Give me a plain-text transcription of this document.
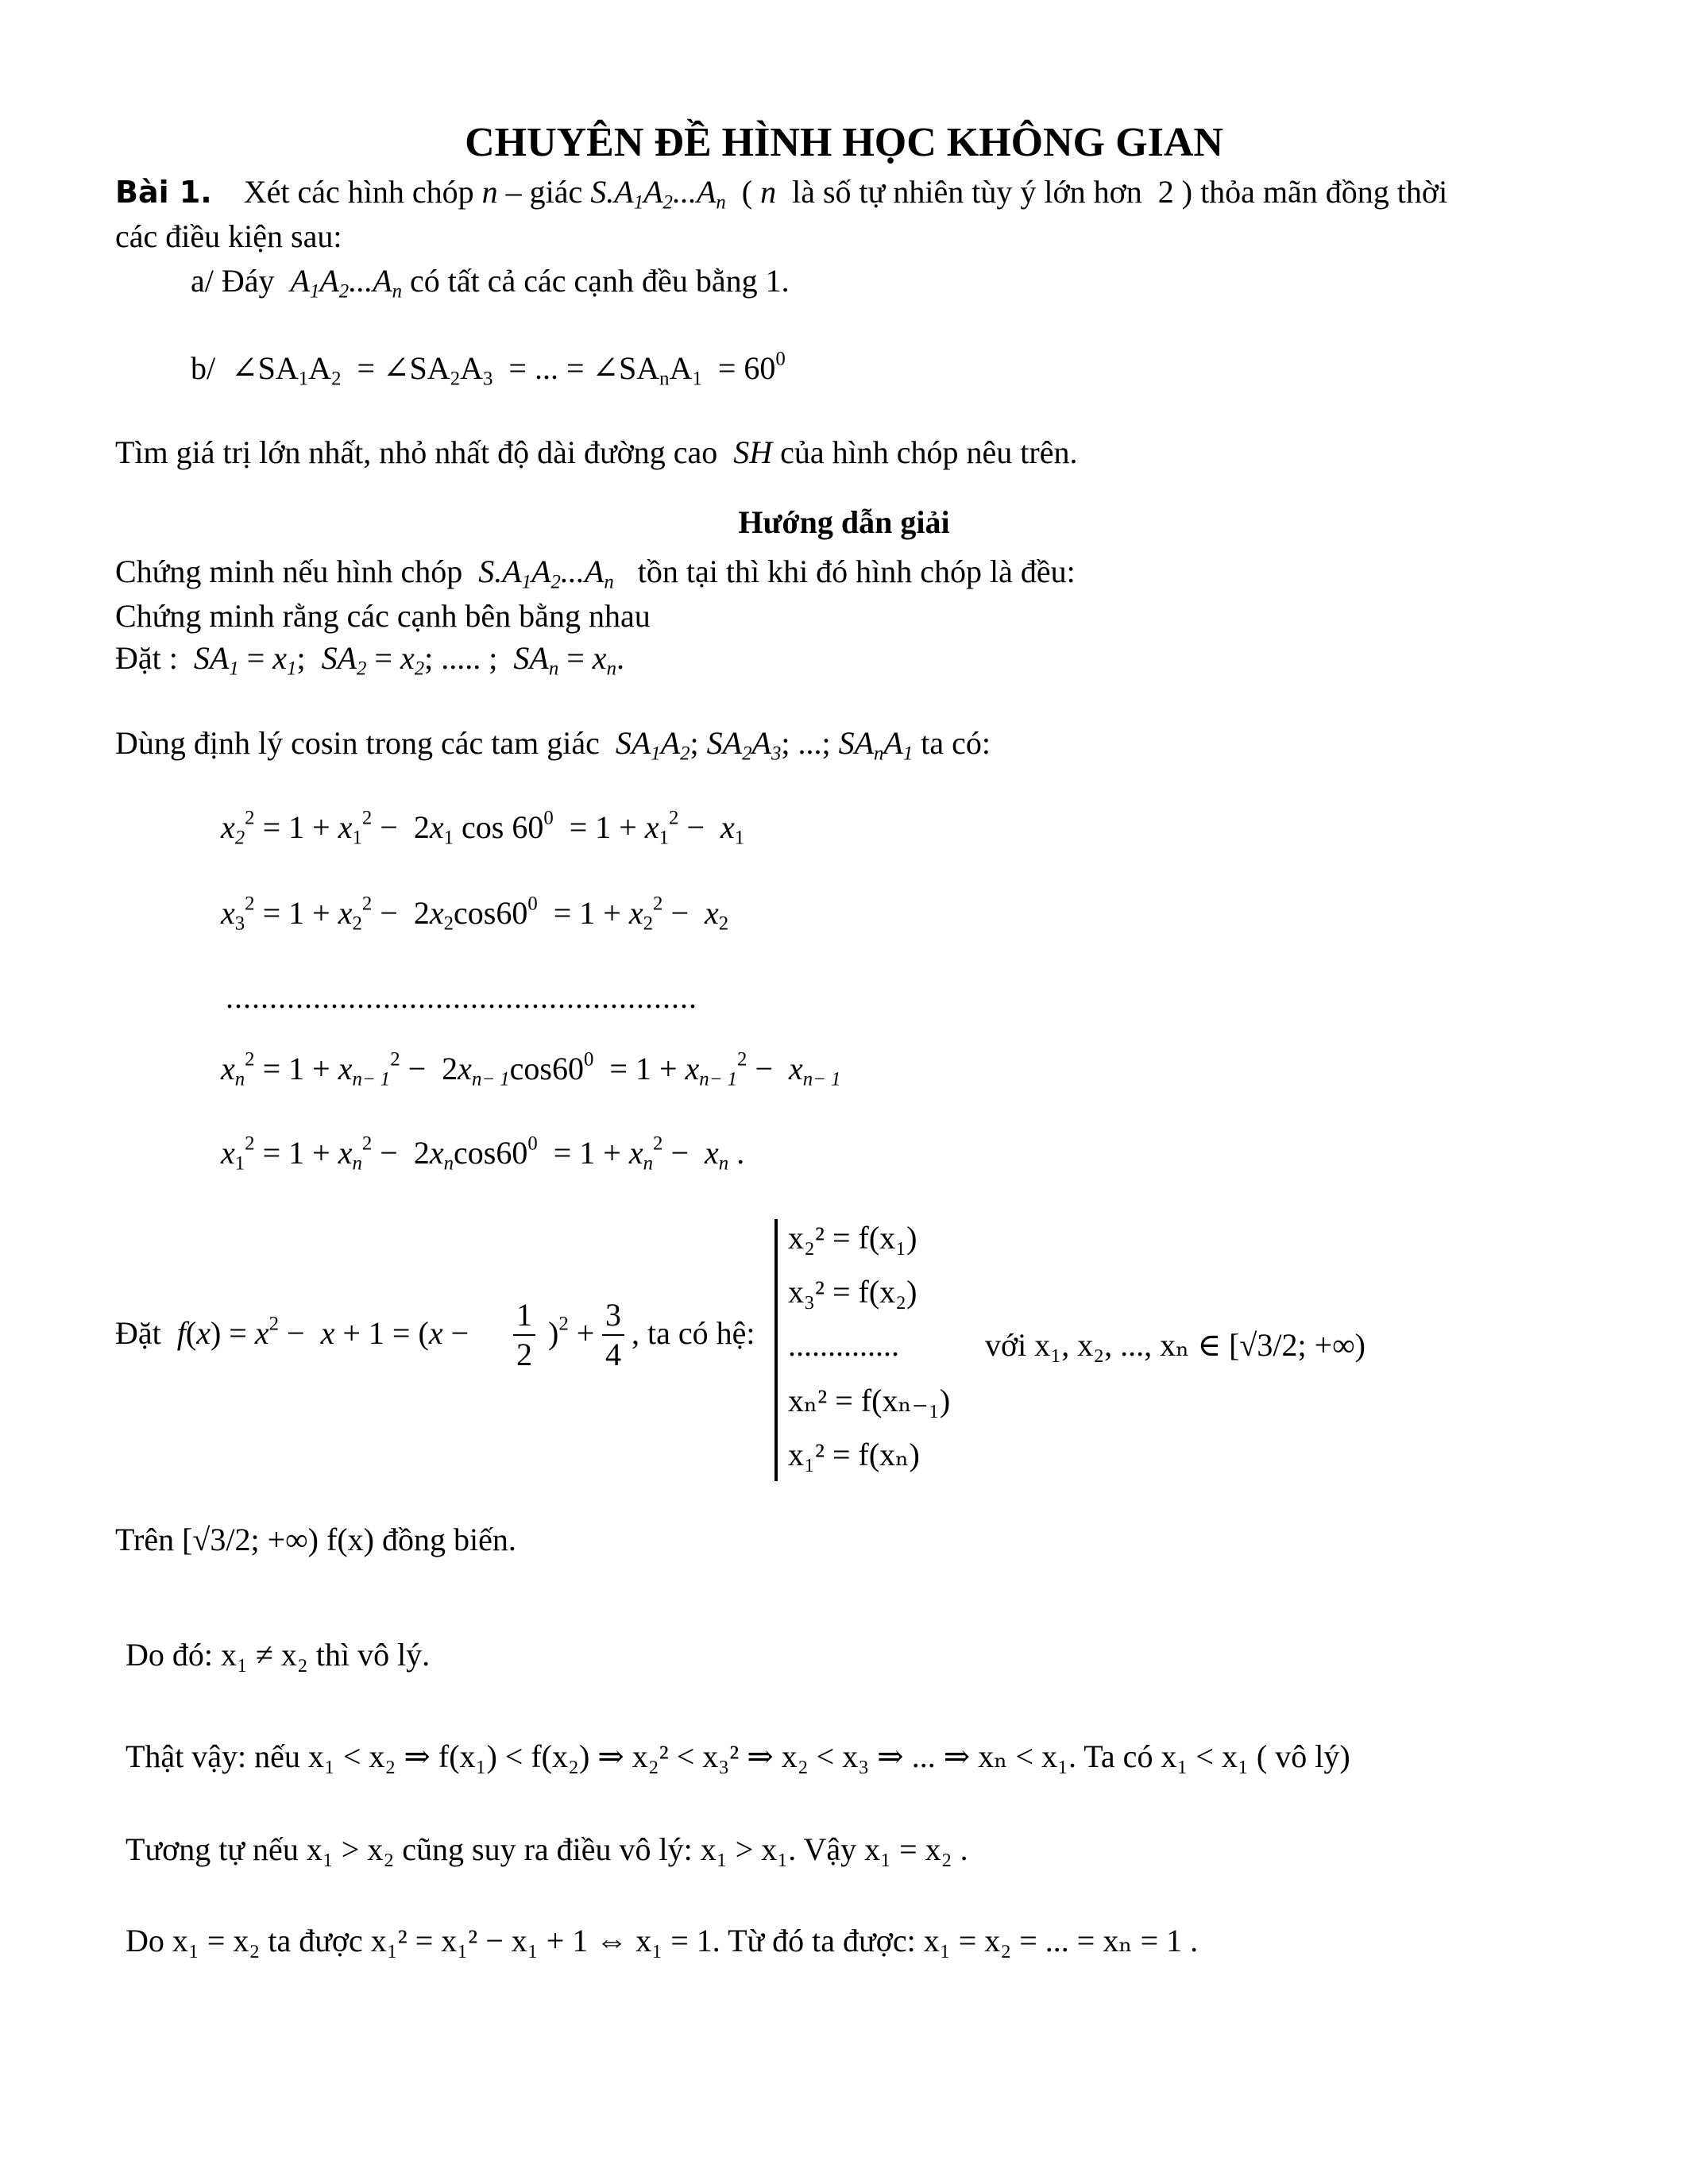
CHUYÊN ĐỀ HÌNH HỌC KHÔNG GIAN
Bài 1.    Xét các hình chóp n – giác $S.A_1A_2...A_n$  ( n  là số tự nhiên tùy ý lớn hơn  2 ) thỏa mãn đồng thời
các điều kiện sau:
a/ Đáy  $A_1A_2...A_n$ có tất cả các cạnh đều bằng 1.
b/  $\angle SA_1A_2$  = $\angle SA_2A_3$  = ... = $\angle SA_nA_1 = 60^0$
Tìm giá trị lớn nhất, nhỏ nhất độ dài đường cao  SH của hình chóp nêu trên.
Hướng dẫn giải
Chứng minh nếu hình chóp  $S.A_1A_2...A_n$   tồn tại thì khi đó hình chóp là đều:
Chứng minh rằng các cạnh bên bằng nhau
Đặt :  $SA_1 = x_1$;  $SA_2 = x_2$; ..... ;  $SA_n = x_n$.
Dùng định lý cosin trong các tam giác  $SA_1A_2$; $SA_2A_3$; ...; $SA_nA_1$ ta có:
$x_2^2 = 1 + x_1^2 - 2x_1$ $\cos 60^0 = 1 + x_1^2 - x_1$
$x_3^2 = 1 + x_2^2 - 2x_2\cos 60^0 = 1 + x_2^2 - x_2$
......................................................
$x_n^2 = 1 + x_{n- 1}^2 - 2x_{n- 1}\cos 60^0 = 1 + x_{n- 1}^2 - x_{n- 1}$
$x_1^2 = 1 + x_n^2 - 2x_n\cos 60^0 = 1 + x_n^2 - x_n$ .
Đặt $f(x) = x^2 - x + 1 = (x - \frac{1}{2} )^2 + \frac{3}{4}$ , ta có hệ:
x₂² = f(x₁)
x₃² = f(x₂)
..............
xₙ² = f(xₙ₋₁)
x₁² = f(xₙ)
với x₁, x₂, ..., xₙ ∈ [√3/2; +∞)
Trên [√3/2; +∞) f(x) đồng biến.
Do đó: x₁ ≠ x₂ thì vô lý.
Thật vậy: nếu x₁ < x₂ ⇒ f(x₁) < f(x₂) ⇒ x₂² < x₃² ⇒ x₂ < x₃ ⇒ ... ⇒ xₙ < x₁. Ta có x₁ < x₁ ( vô lý)
Tương tự nếu x₁ > x₂ cũng suy ra điều vô lý: x₁ > x₁. Vậy x₁ = x₂ .
Do x₁ = x₂ ta được x₁² = x₁² − x₁ + 1 ⇔ x₁ = 1. Từ đó ta được: x₁ = x₂ = ... = xₙ = 1 .
